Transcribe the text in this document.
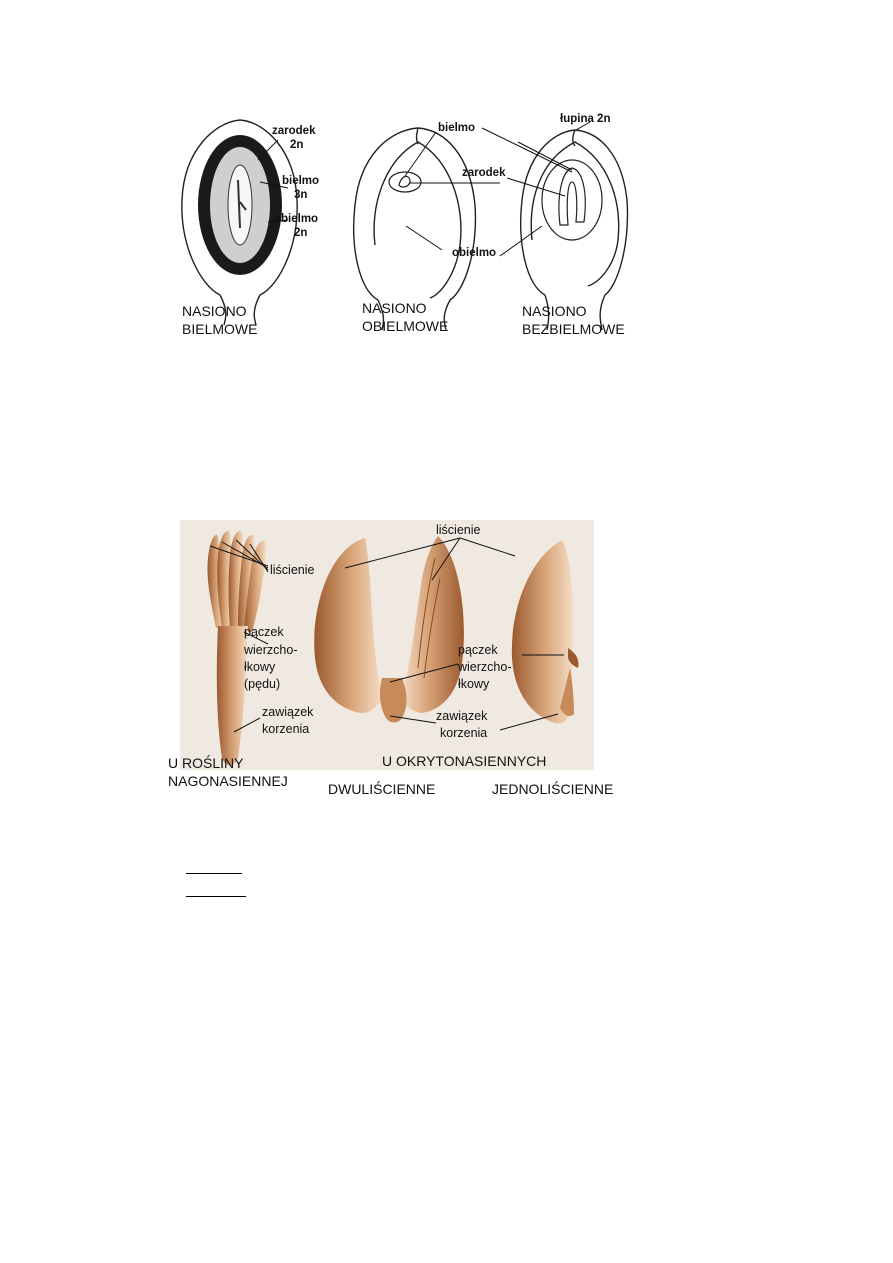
zarodek
2n
bielmo
3n
obielmo
2n
bielmo
zarodek
obielmo
łupina 2n
NASIONO
BIELMOWE
NASIONO
OBIELMOWE
NASIONO
BEZBIELMOWE
liścienie
liścienie
pączek
wierzcho-
łkowy
(pędu)
zawiązek
korzenia
pączek
wierzcho-
łkowy
zawiązek
korzenia
U ROŚLINY
NAGONASIENNEJ
U OKRYTONASIENNYCH
DWULIŚCIENNE	JEDNOLIŚCIENNE
